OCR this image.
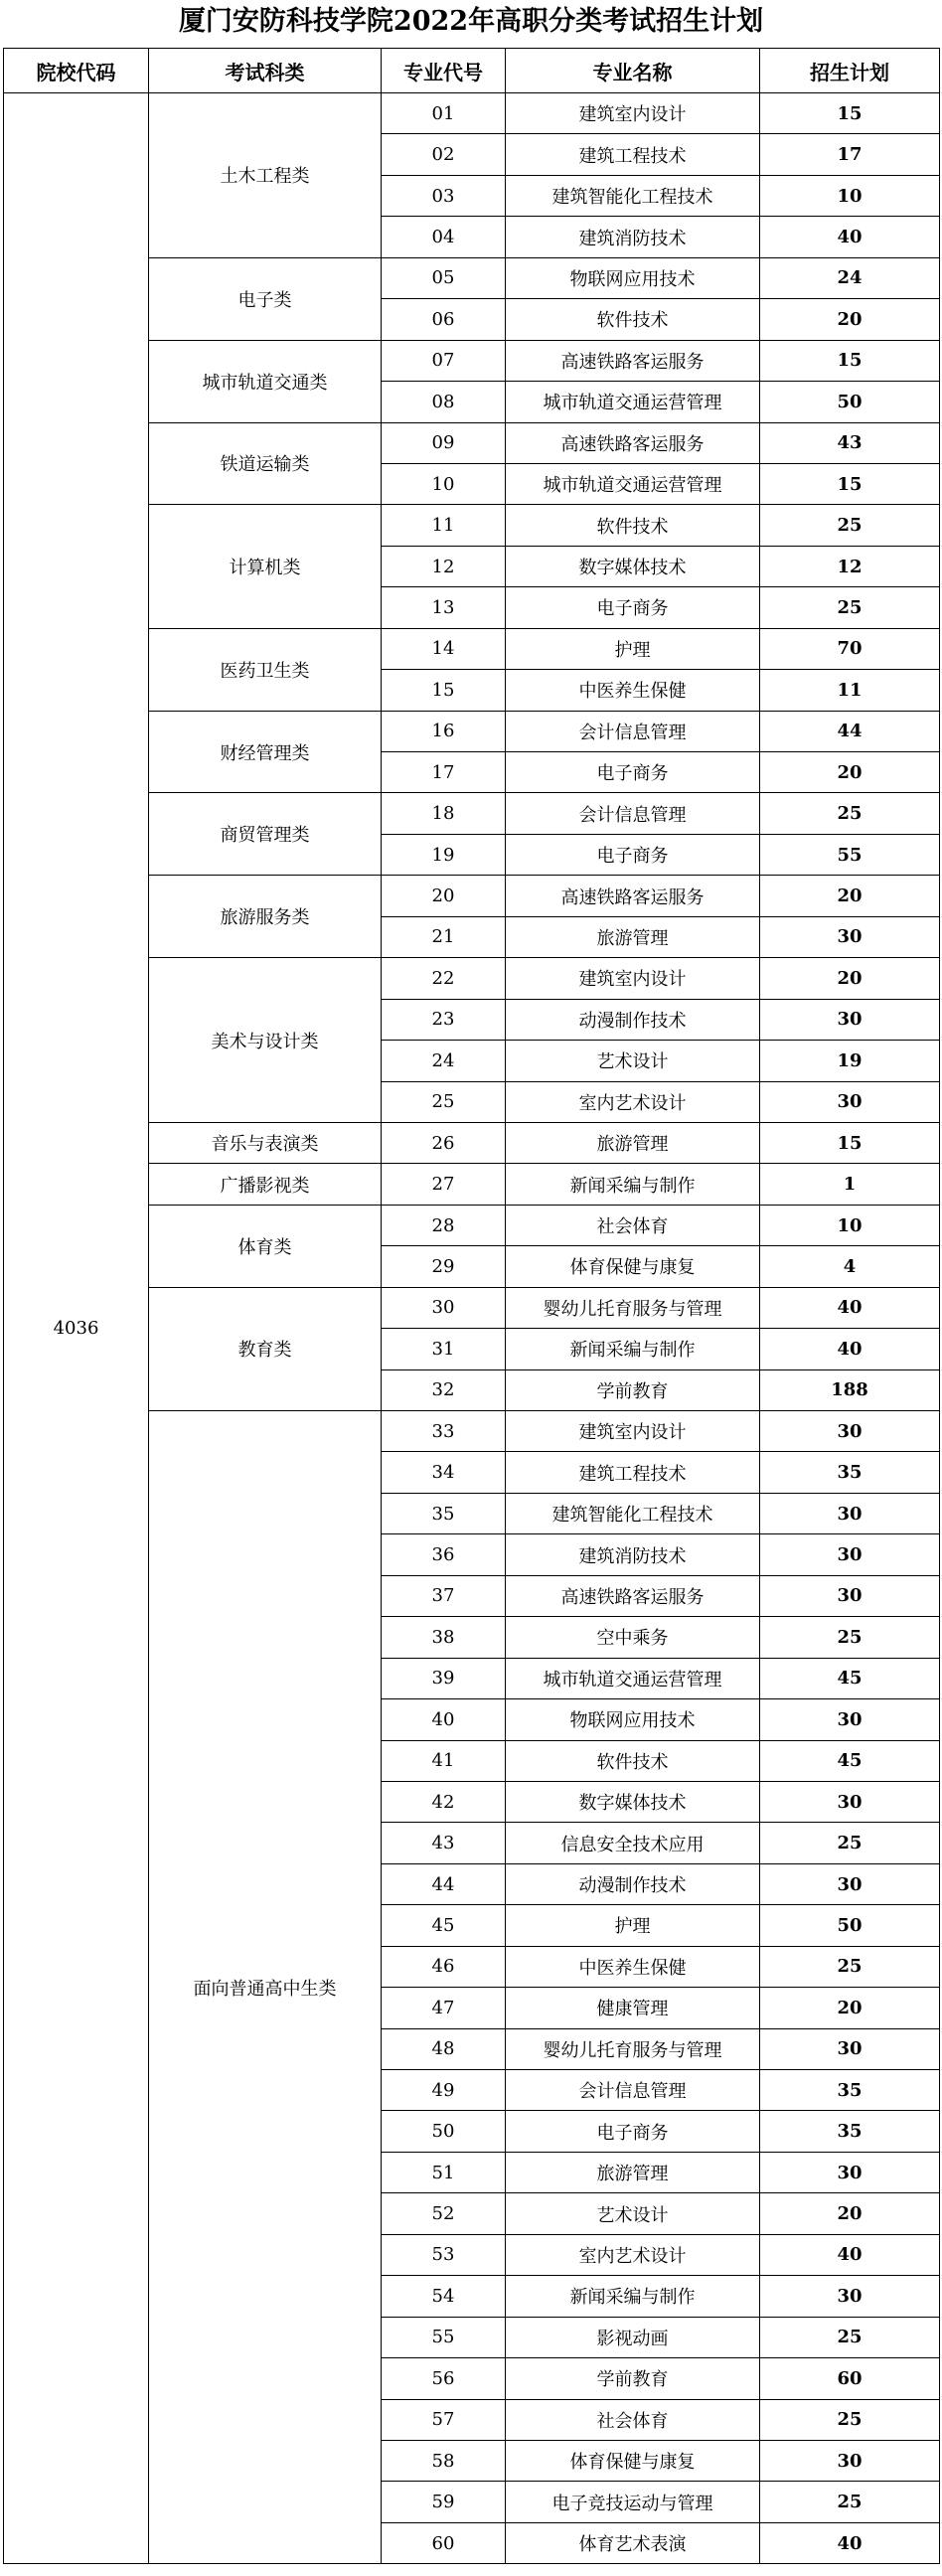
厦门安防科技学院2022年高职分类考试招生计划
院校代码	考试科类	专业代号	专业名称	招生计划
4036	土木工程类	01	建筑室内设计	15
		02	建筑工程技术	17
		03	建筑智能化工程技术	10
		04	建筑消防技术	40
	电子类	05	物联网应用技术	24
		06	软件技术	20
	城市轨道交通类	07	高速铁路客运服务	15
		08	城市轨道交通运营管理	50
	铁道运输类	09	高速铁路客运服务	43
		10	城市轨道交通运营管理	15
	计算机类	11	软件技术	25
		12	数字媒体技术	12
		13	电子商务	25
	医药卫生类	14	护理	70
		15	中医养生保健	11
	财经管理类	16	会计信息管理	44
		17	电子商务	20
	商贸管理类	18	会计信息管理	25
		19	电子商务	55
	旅游服务类	20	高速铁路客运服务	20
		21	旅游管理	30
	美术与设计类	22	建筑室内设计	20
		23	动漫制作技术	30
		24	艺术设计	19
		25	室内艺术设计	30
	音乐与表演类	26	旅游管理	15
	广播影视类	27	新闻采编与制作	1
	体育类	28	社会体育	10
		29	体育保健与康复	4
	教育类	30	婴幼儿托育服务与管理	40
		31	新闻采编与制作	40
		32	学前教育	188
	面向普通高中生类	33	建筑室内设计	30
		34	建筑工程技术	35
		35	建筑智能化工程技术	30
		36	建筑消防技术	30
		37	高速铁路客运服务	30
		38	空中乘务	25
		39	城市轨道交通运营管理	45
		40	物联网应用技术	30
		41	软件技术	45
		42	数字媒体技术	30
		43	信息安全技术应用	25
		44	动漫制作技术	30
		45	护理	50
		46	中医养生保健	25
		47	健康管理	20
		48	婴幼儿托育服务与管理	30
		49	会计信息管理	35
		50	电子商务	35
		51	旅游管理	30
		52	艺术设计	20
		53	室内艺术设计	40
		54	新闻采编与制作	30
		55	影视动画	25
		56	学前教育	60
		57	社会体育	25
		58	体育保健与康复	30
		59	电子竞技运动与管理	25
		60	体育艺术表演	40
